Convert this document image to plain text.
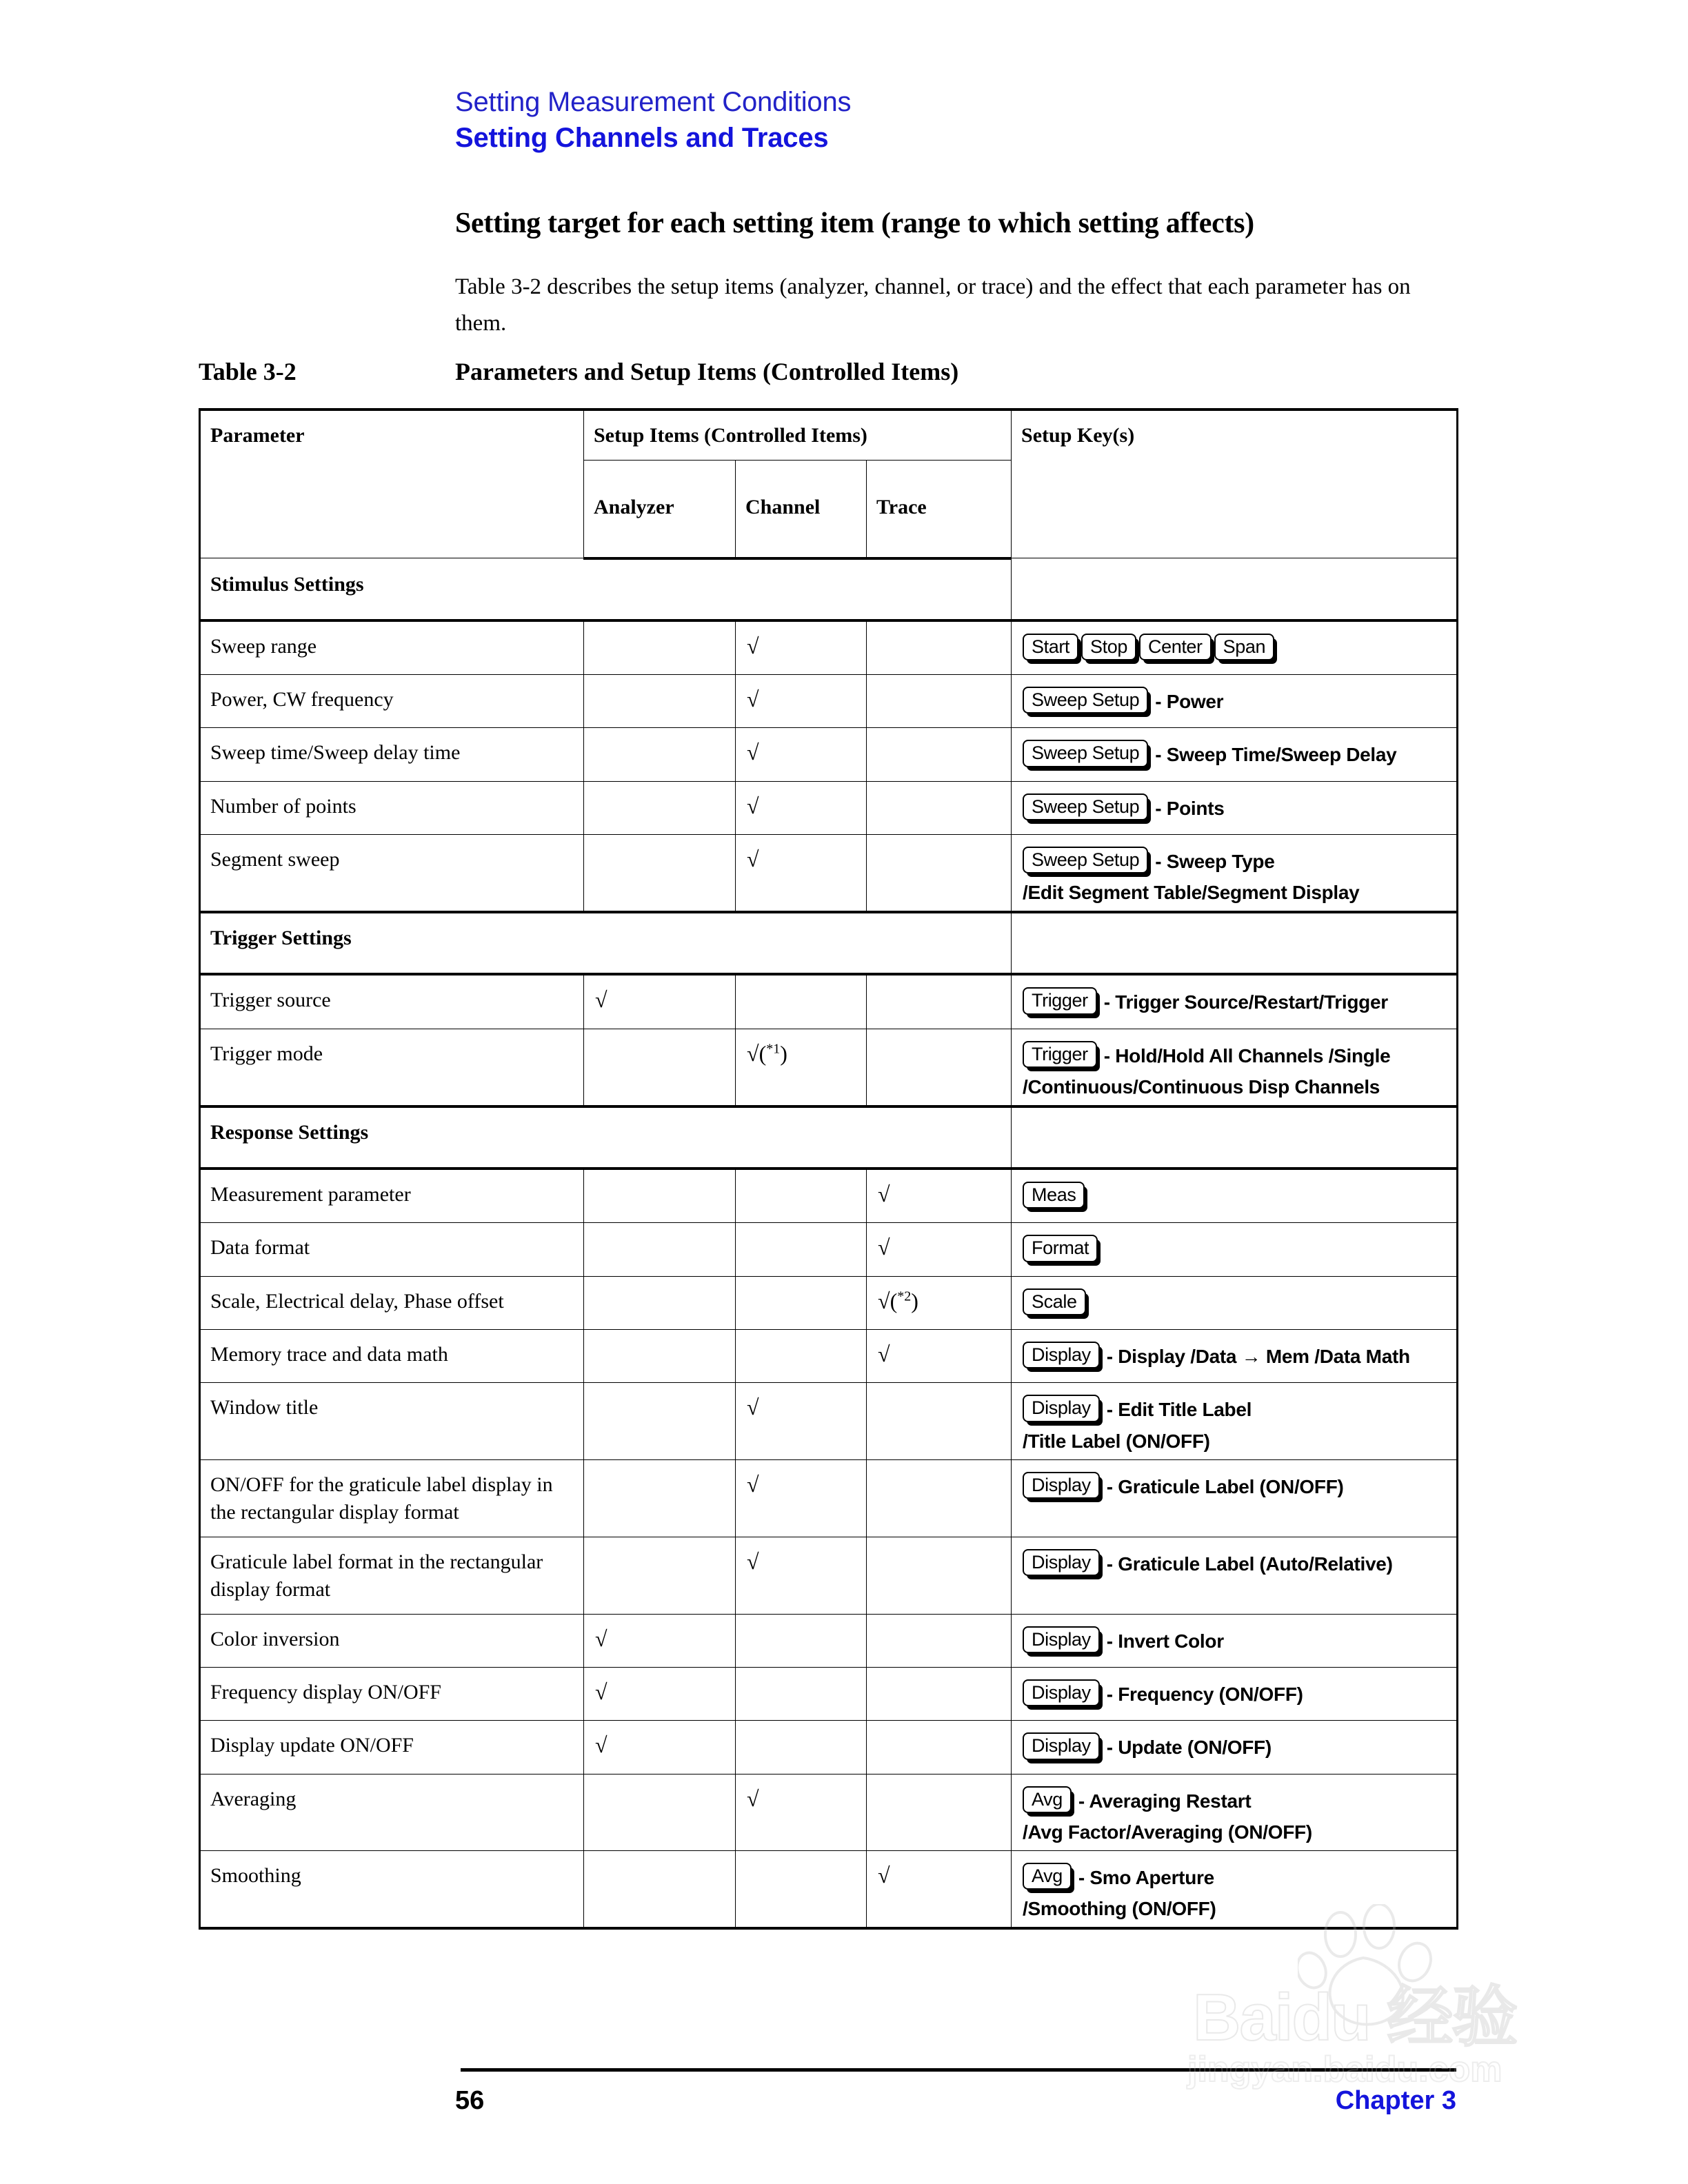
Setting Measurement Conditions
Setting Channels and Traces
Setting target for each setting item (range to which setting affects)
Table 3-2 describes the setup items (analyzer, channel, or trace) and the effect that each parameter has on them.
Table 3-2	Parameters and Setup Items (Controlled Items)
Parameter	Setup Items (Controlled Items)			Setup Key(s)

	Analyzer	Channel	Trace	

Stimulus Settings				

Sweep range		√		Start Stop Center Span

Power, CW frequency		√		Sweep Setup - Power

Sweep time/Sweep delay time		√		Sweep Setup - Sweep Time/Sweep Delay

Number of points		√		Sweep Setup - Points

Segment sweep		√		Sweep Setup - Sweep Type
/Edit Segment Table/Segment Display

Trigger Settings				

Trigger source	√			Trigger - Trigger Source/Restart/Trigger

Trigger mode		√($^{*1}$)		Trigger - Hold/Hold All Channels /Single
/Continuous/Continuous Disp Channels

Response Settings				

Measurement parameter			√	Meas

Data format			√	Format

Scale, Electrical delay, Phase offset			√($^{*2}$)	Scale

Memory trace and data math			√	Display - Display /Data → Mem /Data Math

Window title		√		Display - Edit Title Label
/Title Label (ON/OFF)

ON/OFF for the graticule label display in the rectangular display format		√		Display - Graticule Label (ON/OFF)

Graticule label format in the rectangular display format		√		Display - Graticule Label (Auto/Relative)

Color inversion	√			Display - Invert Color

Frequency display ON/OFF	√			Display - Frequency (ON/OFF)

Display update ON/OFF	√			Display - Update (ON/OFF)

Averaging		√		Avg - Averaging Restart
/Avg Factor/Averaging (ON/OFF)

Smoothing			√	Avg - Smo Aperture
/Smoothing (ON/OFF)
56	Chapter 3
Baidu 经验
jingyan.baidu.com
